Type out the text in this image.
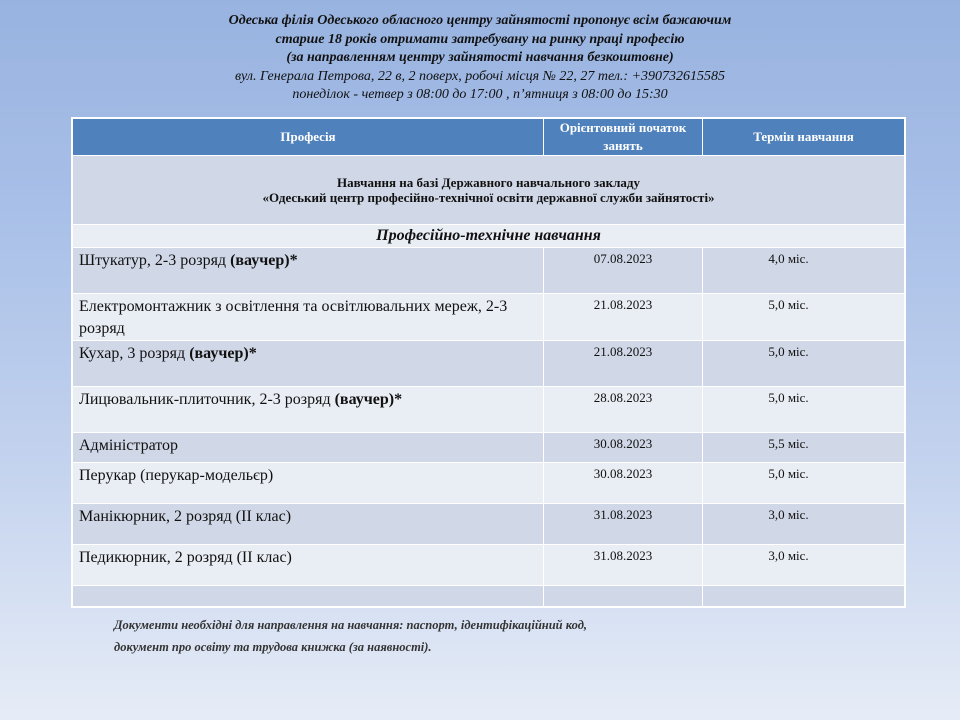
Одеська філія Одеського обласного центру зайнятості пропонує всім бажаючим
старше 18 років отримати затребувану на ринку праці професію
(за направленням центру зайнятості навчання безкоштовне)
вул. Генерала Петрова, 22 в, 2 поверх, робочі місця № 22, 27 тел.: +390732615585
понеділок - четвер з 08:00 до 17:00 , п’ятниця з 08:00 до 15:30
Професія	Орієнтовний початок занять	Термін навчання

Навчання на базі Державного навчального закладу
«Одеський центр професійно-технічної освіти державної служби зайнятості»		

Професійно-технічне навчання		
Штукатур, 2-3 розряд (ваучер)*	07.08.2023	4,0 міс.
Електромонтажник з освітлення та освітлювальних мереж, 2-3 розряд	21.08.2023	5,0 міс.
Кухар, 3 розряд (ваучер)*	21.08.2023	5,0 міс.
Лицювальник-плиточник, 2-3 розряд (ваучер)*	28.08.2023	5,0 міс.
Адміністратор	30.08.2023	5,5 міс.
Перукар (перукар-модельєр)	30.08.2023	5,0 міс.
Манікюрник, 2 розряд (ІІ клас)	31.08.2023	3,0 міс.
Педикюрник, 2 розряд (ІІ клас)	31.08.2023	3,0 міс.

Документи необхідні для направлення на навчання: паспорт, ідентифікаційний код,
документ про освіту та трудова книжка (за наявності).
